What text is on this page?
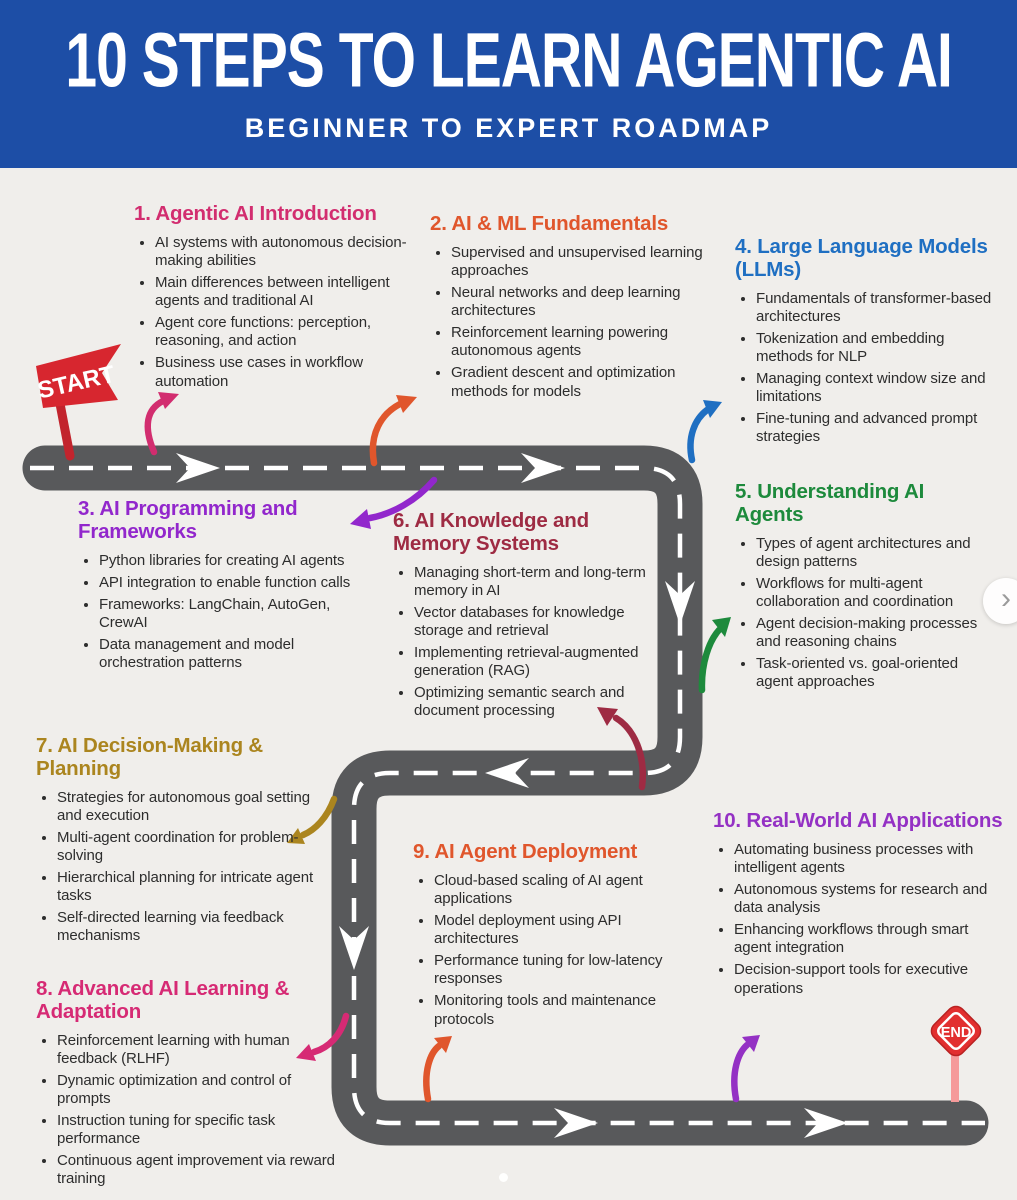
START
END
10 STEPS TO LEARN AGENTIC AI
BEGINNER TO EXPERT ROADMAP
1. Agentic AI Introduction
• AI systems with autonomous decision-making abilities
• Main differences between intelligent agents and traditional AI
• Agent core functions: perception, reasoning, and action
• Business use cases in workflow automation
2. AI & ML Fundamentals
• Supervised and unsupervised learning approaches
• Neural networks and deep learning architectures
• Reinforcement learning powering autonomous agents
• Gradient descent and optimization methods for models
3. AI Programming and Frameworks
• Python libraries for creating AI agents
• API integration to enable function calls
• Frameworks: LangChain, AutoGen, CrewAI
• Data management and model orchestration patterns
4. Large Language Models (LLMs)
• Fundamentals of transformer-based architectures
• Tokenization and embedding methods for NLP
• Managing context window size and limitations
• Fine-tuning and advanced prompt strategies
5. Understanding AI Agents
• Types of agent architectures and design patterns
• Workflows for multi-agent collaboration and coordination
• Agent decision-making processes and reasoning chains
• Task-oriented vs. goal-oriented agent approaches
6. AI Knowledge and Memory Systems
• Managing short-term and long-term memory in AI
• Vector databases for knowledge storage and retrieval
• Implementing retrieval-augmented generation (RAG)
• Optimizing semantic search and document processing
7. AI Decision-Making & Planning
• Strategies for autonomous goal setting and execution
• Multi-agent coordination for problem-solving
• Hierarchical planning for intricate agent tasks
• Self-directed learning via feedback mechanisms
8. Advanced AI Learning & Adaptation
• Reinforcement learning with human feedback (RLHF)
• Dynamic optimization and control of prompts
• Instruction tuning for specific task performance
• Continuous agent improvement via reward training
9. AI Agent Deployment
• Cloud-based scaling of AI agent applications
• Model deployment using API architectures
• Performance tuning for low-latency responses
• Monitoring tools and maintenance protocols
10. Real-World AI Applications
• Automating business processes with intelligent agents
• Autonomous systems for research and data analysis
• Enhancing workflows through smart agent integration
• Decision-support tools for executive operations
›
